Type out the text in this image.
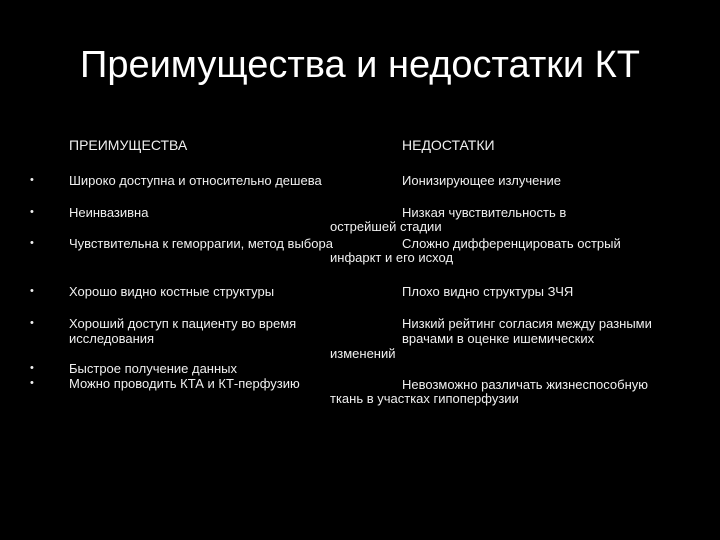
Преимущества и недостатки КТ
ПРЕИМУЩЕСТВА	НЕДОСТАТКИ
•
•
•
•
•
•
•
Широко доступна и относительно дешева
Неинвазивна
Чувствительна к геморрагии, метод выбора
Хорошо видно костные структуры
Хороший доступ к пациенту во время
исследования
Быстрое получение данных
Можно проводить КТА и КТ-перфузию
Ионизирующее излучение
Низкая чувствительность в
острейшей стадии
Сложно дифференцировать острый
инфаркт и его исход
Плохо видно структуры ЗЧЯ
Низкий рейтинг согласия между разными
врачами в оценке ишемических
изменений
Невозможно различать жизнеспособную
ткань в участках гипоперфузии
